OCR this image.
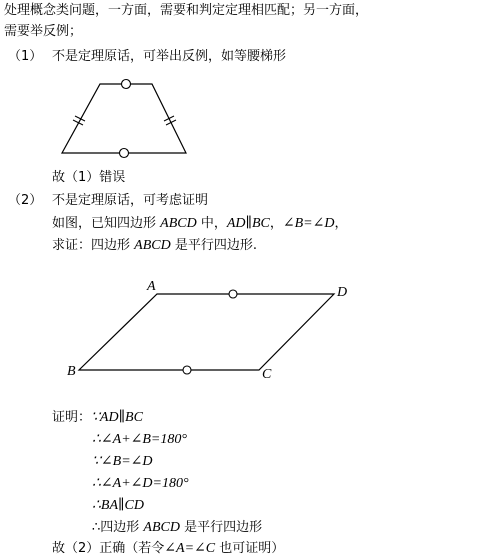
处理概念类问题，一方面，需要和判定定理相匹配；另一方面，
需要举反例；
（1） 不是定理原话，可举出反例，如等腰梯形
故（1）错误
（2） 不是定理原话，可考虑证明
如图，已知四边形 ABCD 中，AD∥BC，∠B=∠D，
求证：四边形 ABCD 是平行四边形.
A	D
B	C
证明：∵AD∥BC
∴∠A+∠B=180°
∵∠B=∠D
∴∠A+∠D=180°
∴BA∥CD
∴四边形 ABCD 是平行四边形
故（2）正确（若令∠A=∠C 也可证明）
